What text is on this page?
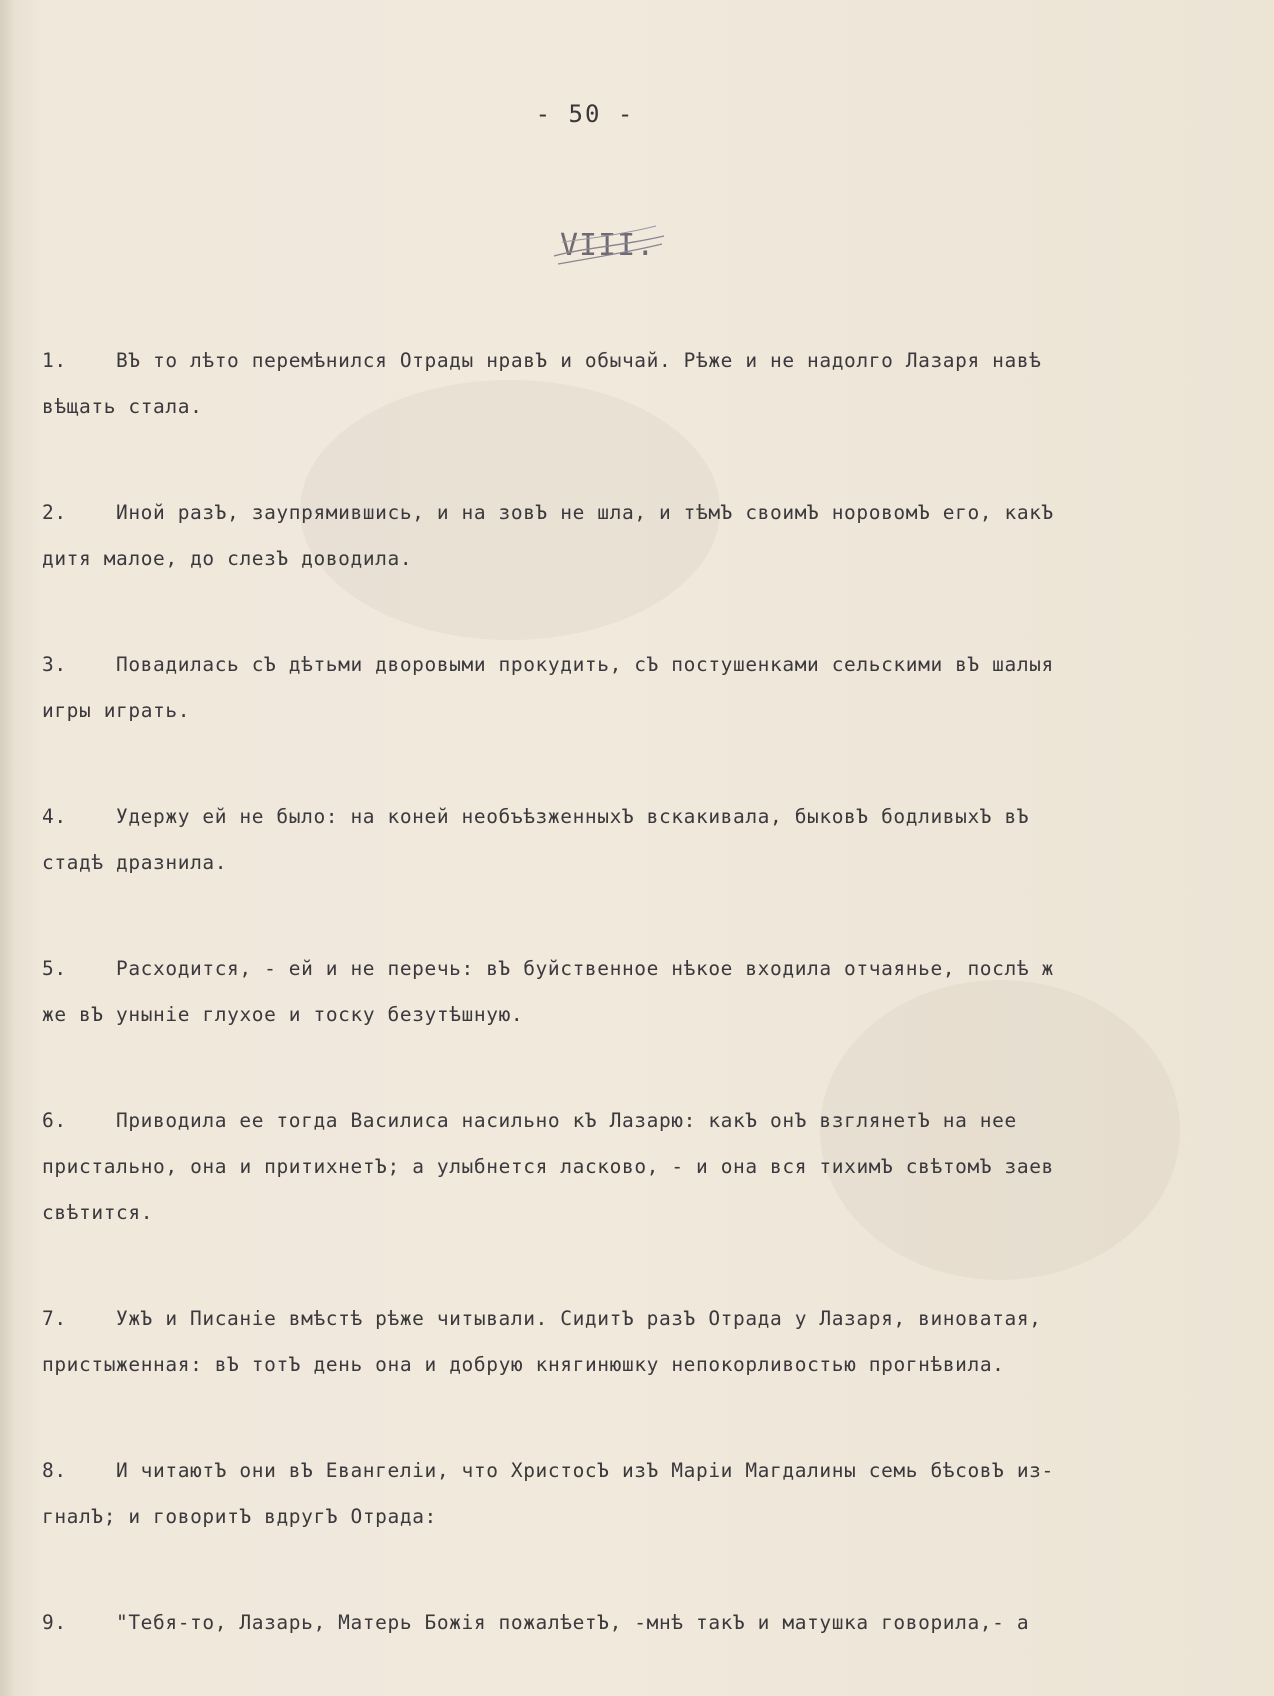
- 50 -
VIII.
1.	ВЪ то лѣто перемѣнился Отрады нравЪ и обычай. Рѣже и не надолго Лазаря навѣ
вѣщать стала.
2.	Иной разЪ, заупрямившись, и на зовЪ не шла, и тѣмЪ своимЪ норовомЪ его, какЪ
дитя малое, до слезЪ доводила.
3.	Повадилась сЪ дѣтьми дворовыми прокудить, сЪ постушенками сельскими вЪ шалыя
игры играть.
4.	Удержу ей не было: на коней необъѣзженныхЪ вскакивала, быковЪ бодливыхЪ вЪ
стадѣ дразнила.
5.	Расходится, - ей и не перечь: вЪ буйственное нѣкое входила отчаянье, послѣ ж
же вЪ унынiе глухое и тоску безутѣшную.
6.	Приводила ее тогда Василиса насильно кЪ Лазарю: какЪ онЪ взглянетЪ на нее
пристально, она и притихнетЪ; а улыбнется ласково, - и она вся тихимЪ свѣтомЪ заев
свѣтится.
7.	УжЪ и Писанiе вмѣстѣ рѣже читывали. СидитЪ разЪ Отрада у Лазаря, виноватая,
пристыженная: вЪ тотЪ день она и добрую княгинюшку непокорливостью прогнѣвила.
8.	И читаютЪ они вЪ Евангелiи, что ХристосЪ изЪ Марiи Магдалины семь бѣсовЪ из-
гналЪ; и говоритЪ вдругЪ Отрада:
9.	"Тебя-то, Лазарь, Матерь Божiя пожалѣетЪ, -мнѣ такЪ и матушка говорила,- а
